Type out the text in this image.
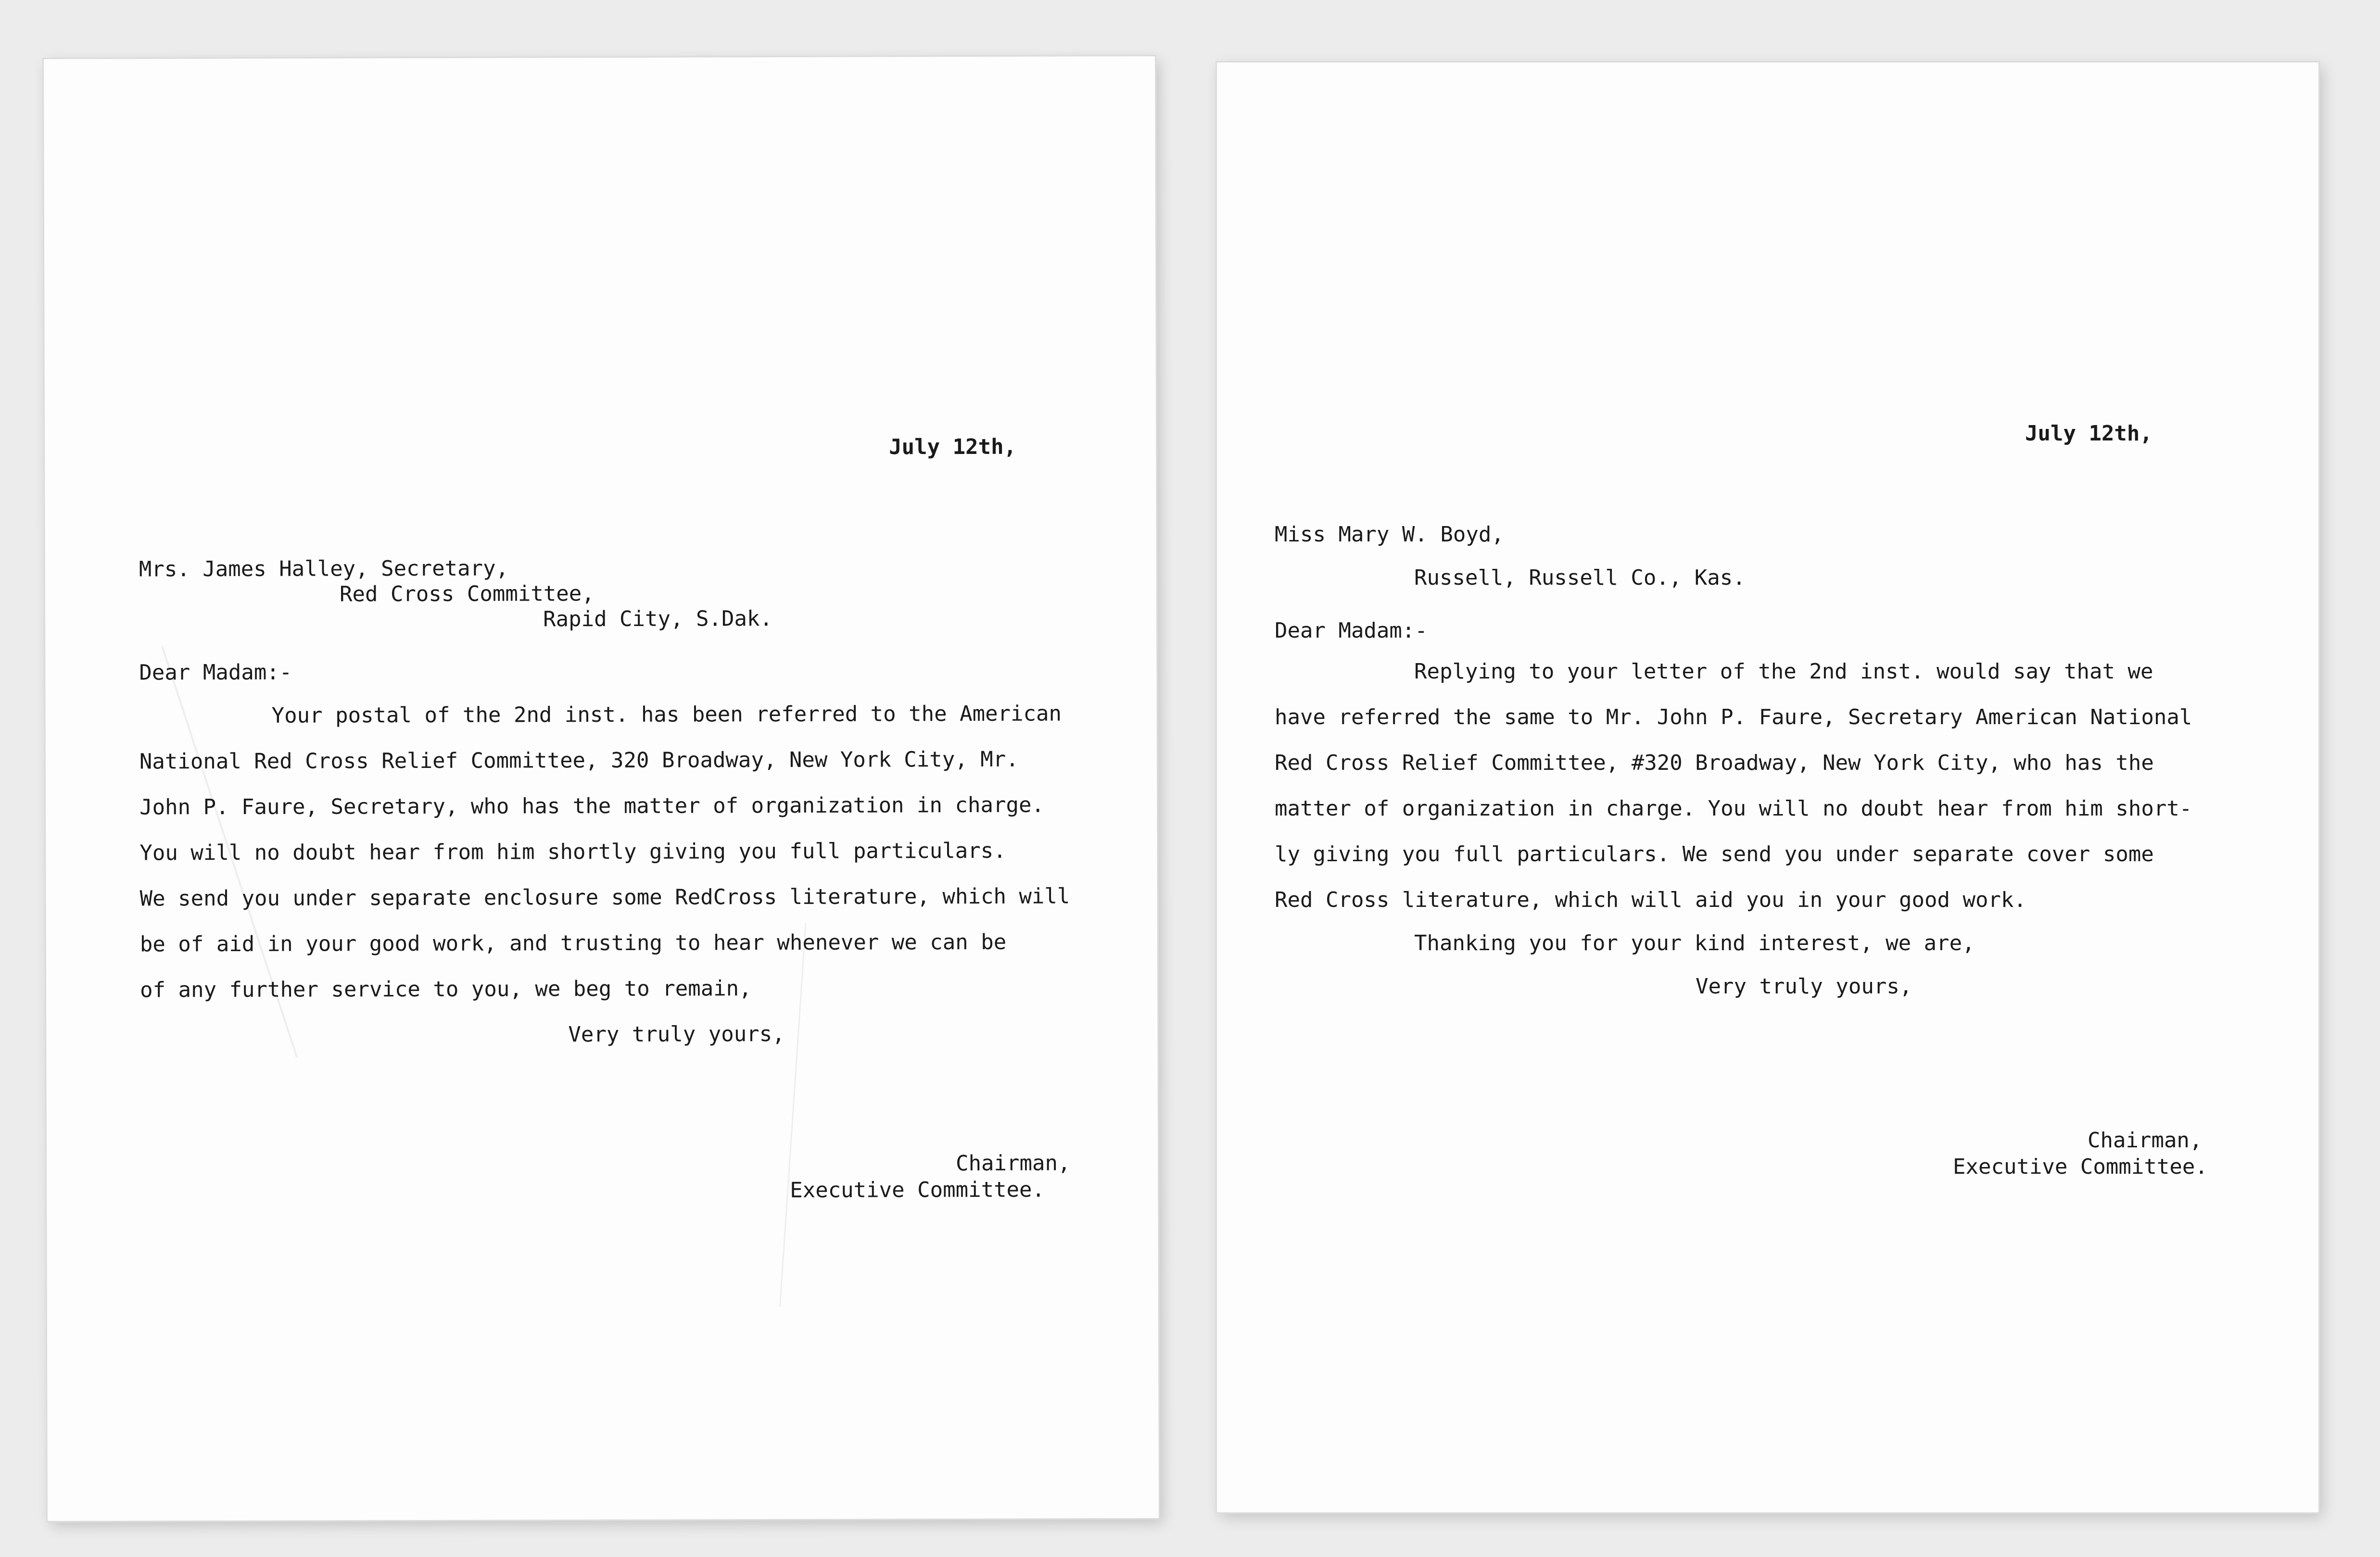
July 12th,
Mrs. James Halley, Secretary,
Red Cross Committee,
Rapid City, S.Dak.
Dear Madam:-
Your postal of the 2nd inst. has been referred to the American
National Red Cross Relief Committee, 320 Broadway, New York City, Mr.
John P. Faure, Secretary, who has the matter of organization in charge.
You will no doubt hear from him shortly giving you full particulars.
We send you under separate enclosure some RedCross literature, which will
be of aid in your good work, and trusting to hear whenever we can be
of any further service to you, we beg to remain,
Very truly yours,
Chairman,
Executive Committee.
July 12th,
Miss Mary W. Boyd,
Russell, Russell Co., Kas.
Dear Madam:-
Replying to your letter of the 2nd inst. would say that we
have referred the same to Mr. John P. Faure, Secretary American National
Red Cross Relief Committee, #320 Broadway, New York City, who has the
matter of organization in charge. You will no doubt hear from him short-
ly giving you full particulars. We send you under separate cover some
Red Cross literature, which will aid you in your good work.
Thanking you for your kind interest, we are,
Very truly yours,
Chairman,
Executive Committee.
